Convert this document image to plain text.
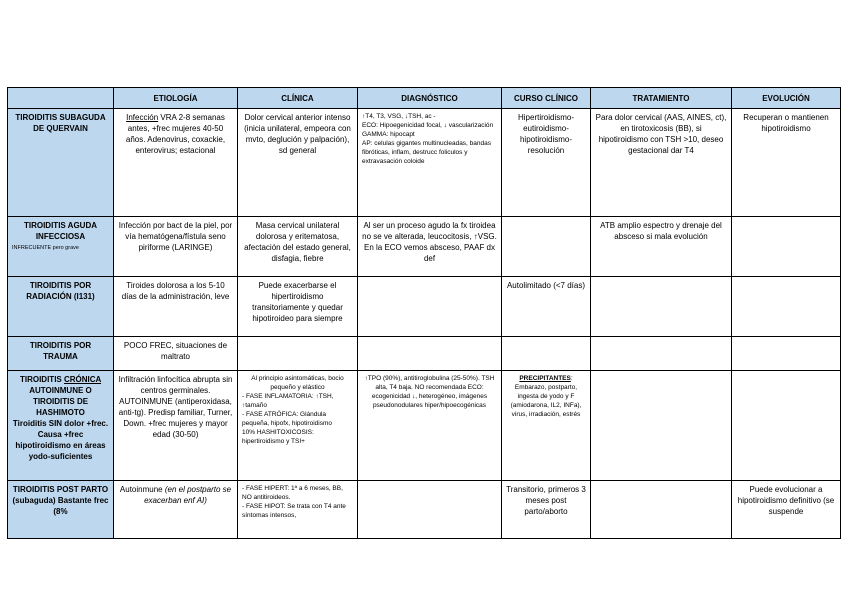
	ETIOLOGÍA	CLÍNICA	DIAGNÓSTICO	CURSO CLÍNICO	TRATAMIENTO	EVOLUCIÓN
TIROIDITIS SUBAGUDA DE QUERVAIN	Infección VRA 2-8 semanas antes, +frec mujeres 40-50 años. Adenovirus, coxackie, enterovirus; estacional	Dolor cervical anterior intenso (inicia unilateral, empeora con mvto, deglución y palpación), sd general	↑T4, T3, VSG, ↓TSH, ac -
ECO: Hipoegenicidad focal, ↓ vascularización
GAMMA: hipocapt
AP: celulas gigantes multinucleadas, bandas fibróticas, inflam, destrucc foliculos y extravasación coloide	Hipertiroidismo-eutiroidismo-hipotiroidismo-resolución	Para dolor cervical (AAS, AINES, ct), en tirotoxicosis (BB), si hipotiroidismo con TSH >10, deseo gestacional dar T4	Recuperan o mantienen hipotiroidismo
TIROIDITIS AGUDA INFECCIOSA
INFRECUENTE pero grave	Infección por bact de la piel, por vía hematógena/fístula seno piriforme (LARINGE)	Masa cervical unilateral dolorosa y eritematosa, afectación del estado general, disfagia, fiebre	Al ser un proceso agudo la fx tiroidea no se ve alterada, leucocitosis, ↑VSG. En la ECO vemos absceso, PAAF dx def		ATB amplio espectro y drenaje del absceso si mala evolución	
TIROIDITIS POR RADIACIÓN (I131)	Tiroides dolorosa a los 5-10 días de la administración, leve	Puede exacerbarse el hipertiroidismo transitoriamente y quedar hipotiroideo para siempre		Autolimitado (<7 días)		
TIROIDITIS POR TRAUMA	POCO FREC, situaciones de maltrato					
TIROIDITIS CRÓNICA AUTOINMUNE O TIROIDITIS DE HASHIMOTO
Tiroiditis SIN dolor +frec. Causa +frec hipotiroidismo en áreas yodo-suficientes	Infiltración linfocítica abrupta sin centros germinales. AUTOINMUNE (antiperoxidasa, anti-tg). Predisp familiar, Turner, Down. +frec mujeres y mayor edad (30-50)	Al principio asintomáticas, bocio pequeño y elástico
- FASE INFLAMATORIA: ↑TSH, ↑tamaño
- FASE ATRÓFICA: Glándula pequeña, hipofx, hipotiroidismo
10% HASHITOXICOSIS: hipertiroidismo y TSI+	↑TPO (90%), antitiroglobulina (25-50%). TSH alta, T4 baja. NO recomendada ECO: ecogenicidad ↓, heterogéneo, imágenes pseudonodulares hiper/hipoecogénicas	PRECIPITANTES: Embarazo, postparto, ingesta de yodo y F (amiodarona, IL2, INFa), virus, irradiación, estrés		
TIROIDITIS POST PARTO (subaguda) Bastante frec (8%	Autoinmune (en el postparto se exacerban enf AI)	- FASE HIPERT: 1ª a 6 meses, BB, NO antitiroideos.
- FASE HIPOT: Se trata con T4 ante síntomas intensos,		Transitorio, primeros 3 meses post parto/aborto		Puede evolucionar a hipotiroidismo definitivo (se suspende
